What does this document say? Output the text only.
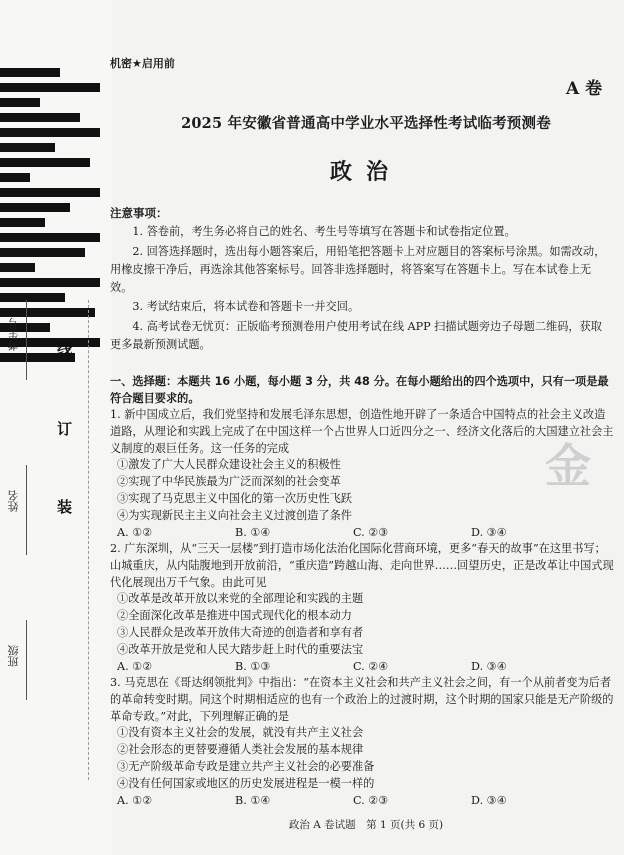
考生号
姓名
班级
线
订
装
金
机密★启用前
A 卷
2025 年安徽省普通高中学业水平选择性考试临考预测卷
政治
注意事项：
1. 答卷前，考生务必将自己的姓名、考生号等填写在答题卡和试卷指定位置。
2. 回答选择题时，选出每小题答案后，用铅笔把答题卡上对应题目的答案标号涂黑。如需改动，用橡皮擦干净后，再选涂其他答案标号。回答非选择题时，将答案写在答题卡上。写在本试卷上无效。
3. 考试结束后，将本试卷和答题卡一并交回。
4. 高考试卷无忧页：正版临考预测卷用户使用考试在线 APP 扫描试题旁边子母题二维码，获取更多最新预测试题。
一、选择题：本题共 16 小题，每小题 3 分，共 48 分。在每小题给出的四个选项中，只有一项是最符合题目要求的。
1. 新中国成立后，我们党坚持和发展毛泽东思想，创造性地开辟了一条适合中国特点的社会主义改造道路，从理论和实践上完成了在中国这样一个占世界人口近四分之一、经济文化落后的大国建立社会主义制度的艰巨任务。这一任务的完成
①激发了广大人民群众建设社会主义的积极性
②实现了中华民族最为广泛而深刻的社会变革
③实现了马克思主义中国化的第一次历史性飞跃
④为实现新民主主义向社会主义过渡创造了条件
A. ①②	B. ①④	C. ②③	D. ③④
2. 广东深圳，从“三天一层楼”到打造市场化法治化国际化营商环境，更多“春天的故事”在这里书写；山城重庆，从内陆腹地到开放前沿，“重庆造”跨越山海、走向世界……回望历史，正是改革让中国式现代化展现出万千气象。由此可见
①改革是改革开放以来党的全部理论和实践的主题
②全面深化改革是推进中国式现代化的根本动力
③人民群众是改革开放伟大奇迹的创造者和享有者
④改革开放是党和人民大踏步赶上时代的重要法宝
A. ①②	B. ①③	C. ②④	D. ③④
3. 马克思在《哥达纲领批判》中指出：“在资本主义社会和共产主义社会之间，有一个从前者变为后者的革命转变时期。同这个时期相适应的也有一个政治上的过渡时期，这个时期的国家只能是无产阶级的革命专政。”对此，下列理解正确的是
①没有资本主义社会的发展，就没有共产主义社会
②社会形态的更替要遵循人类社会发展的基本规律
③无产阶级革命专政是建立共产主义社会的必要准备
④没有任何国家或地区的历史发展进程是一模一样的
A. ①②	B. ①④	C. ②③	D. ③④
政治 A 卷试题　第 1 页(共 6 页)
